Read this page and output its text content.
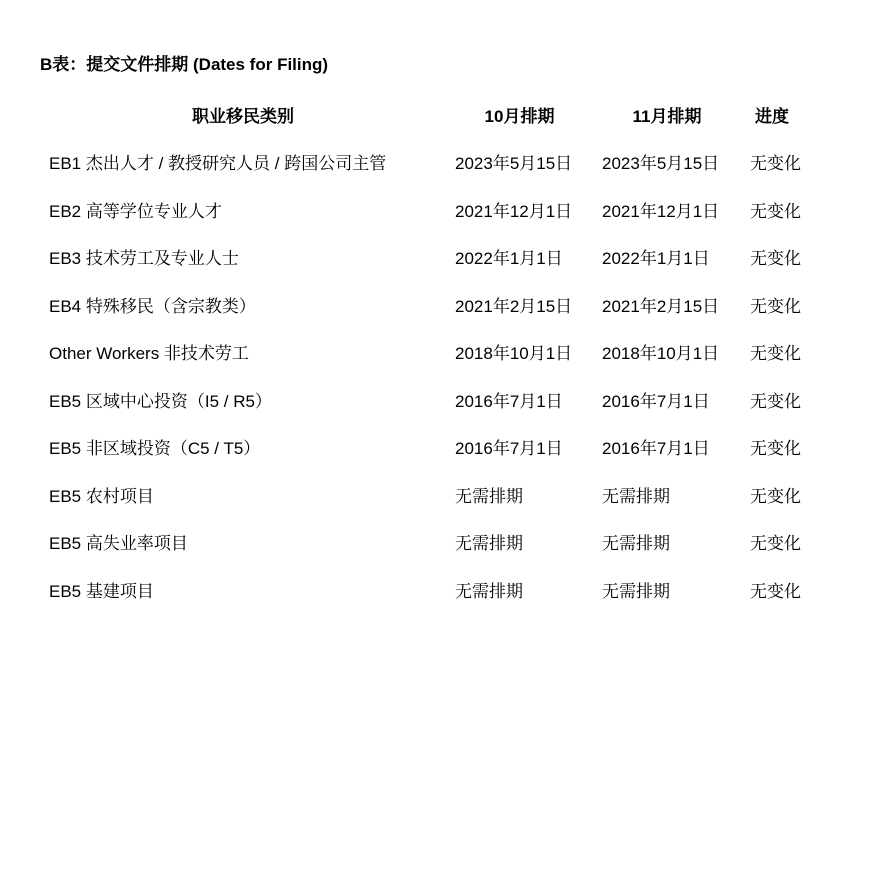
B表：提交文件排期 (Dates for Filing)
职业移民类别	10月排期	11月排期	进度
EB1 杰出人才 / 教授研究人员 / 跨国公司主管	2023年5月15日	2023年5月15日	无变化
EB2 高等学位专业人才	2021年12月1日	2021年12月1日	无变化
EB3 技术劳工及专业人士	2022年1月1日	2022年1月1日	无变化
EB4 特殊移民（含宗教类）	2021年2月15日	2021年2月15日	无变化
Other Workers 非技术劳工	2018年10月1日	2018年10月1日	无变化
EB5 区域中心投资（I5 / R5）	2016年7月1日	2016年7月1日	无变化
EB5 非区域投资（C5 / T5）	2016年7月1日	2016年7月1日	无变化
EB5 农村项目	无需排期	无需排期	无变化
EB5 高失业率项目	无需排期	无需排期	无变化
EB5 基建项目	无需排期	无需排期	无变化
